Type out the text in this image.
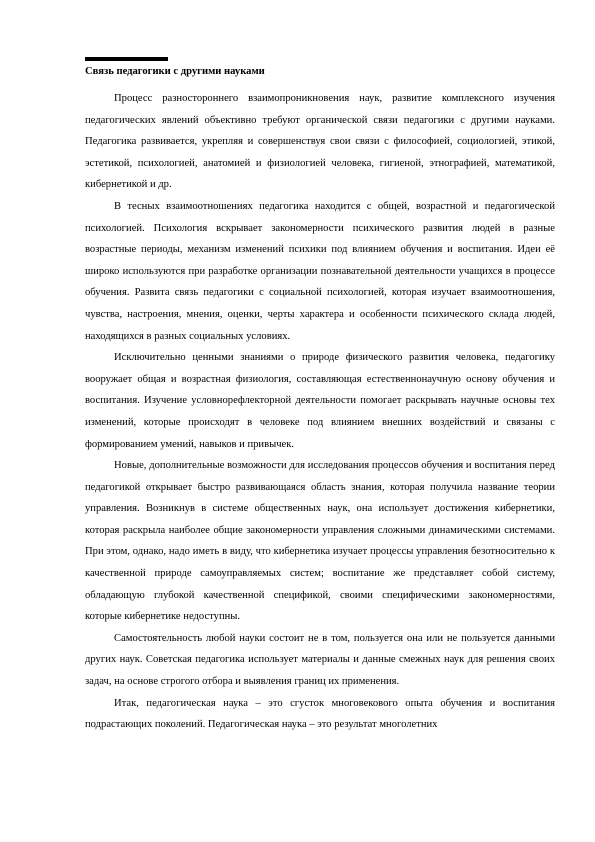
Связь педагогики с другими науками

Процесс разностороннего взаимопроникновения наук, развитие комплексного изучения педагогических явлений объективно требуют органической связи педагогики с другими науками. Педагогика развивается, укрепляя и совершенствуя свои связи с философией, социологией, этикой, эстетикой, психологией, анатомией и физиологией человека, гигиеной, этнографией, математикой, кибернетикой и др.

В тесных взаимоотношениях педагогика находится с общей, возрастной и педагогической психологией. Психология вскрывает закономерности психического развития людей в разные возрастные периоды, механизм изменений психики под влиянием обучения и воспитания. Идеи её широко используются при разработке организации познавательной деятельности учащихся в процессе обучения. Развита связь педагогики с социальной психологией, которая изучает взаимоотношения, чувства, настроения, мнения, оценки, черты характера и особенности психического склада людей, находящихся в разных социальных условиях.

Исключительно ценными знаниями о природе физического развития человека, педагогику вооружает общая и возрастная физиология, составляющая естественнонаучную основу обучения и воспитания. Изучение условнорефлекторной деятельности помогает раскрывать научные основы тех изменений, которые происходят в человеке под влиянием внешних воздействий и связаны с формированием умений, навыков и привычек.

Новые, дополнительные возможности для исследования процессов обучения и воспитания перед педагогикой открывает быстро развивающаяся область знания, которая получила название теории управления. Возникнув в системе общественных наук, она использует достижения кибернетики, которая раскрыла наиболее общие закономерности управления сложными динамическими системами. При этом, однако, надо иметь в виду, что кибернетика изучает процессы управления безотносительно к качественной природе самоуправляемых систем; воспитание же представляет собой систему, обладающую глубокой качественной спецификой, своими специфическими закономерностями, которые кибернетике недоступны.

Самостоятельность любой науки состоит не в том, пользуется она или не пользуется данными других наук. Советская педагогика использует материалы и данные смежных наук для решения своих задач, на основе строгого отбора и выявления границ их применения.

Итак, педагогическая наука – это сгусток многовекового опыта обучения и воспитания подрастающих поколений. Педагогическая наука – это результат многолетних
